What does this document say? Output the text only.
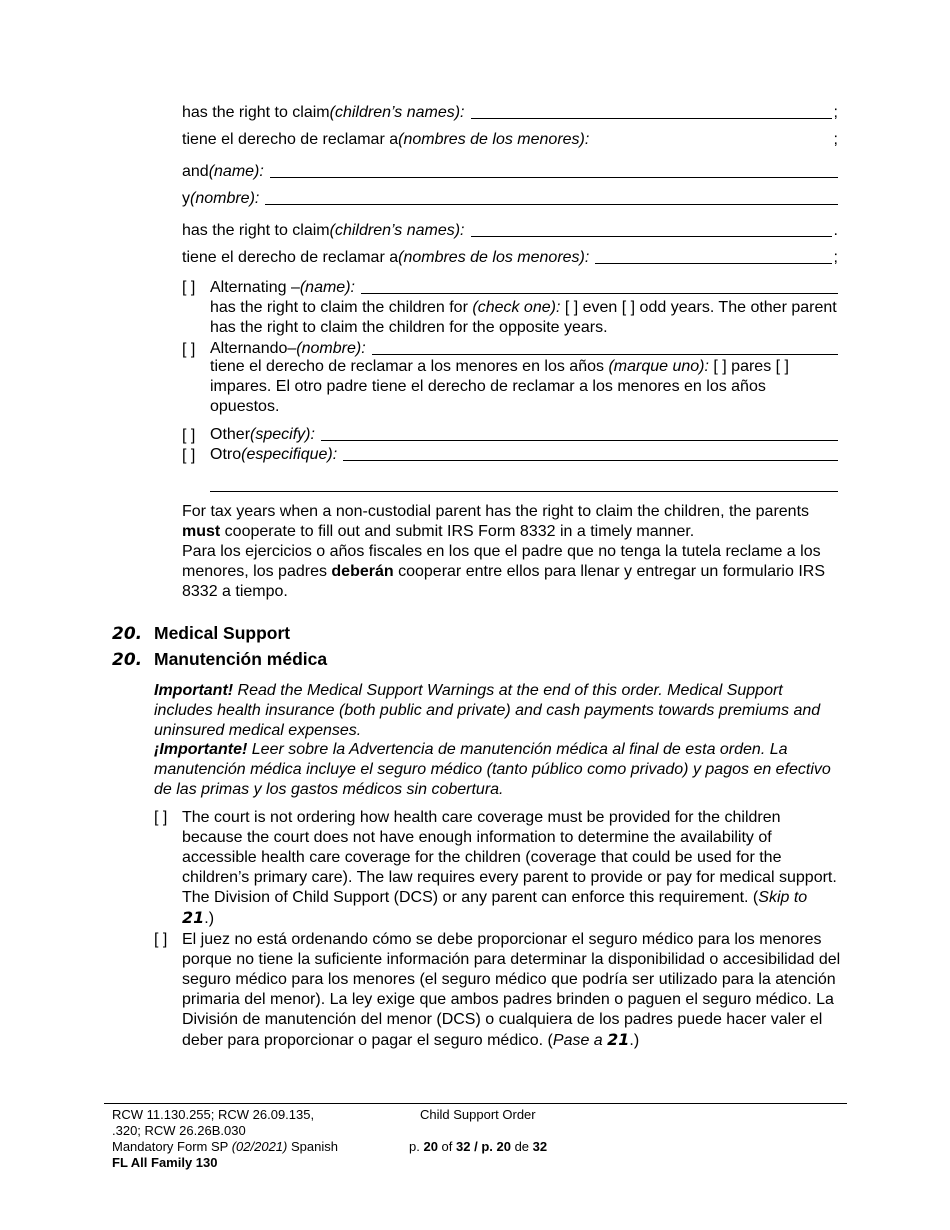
has the right to claim (children’s names):	;
tiene el derecho de reclamar a (nombres de los menores):	;
and (name):
y (nombre):
has the right to claim (children’s names):	.
tiene el derecho de reclamar a (nombres de los menores):	;
[ ] Alternating – (name):
has the right to claim the children for (check one): [ ] even [ ] odd years. The other parent has the right to claim the children for the opposite years.
[ ] Alternando– (nombre):
tiene el derecho de reclamar a los menores en los años (marque uno): [ ] pares [ ] impares. El otro padre tiene el derecho de reclamar a los menores en los años opuestos.
[ ] Other (specify):
[ ] Otro (especifique):
For tax years when a non-custodial parent has the right to claim the children, the parents must cooperate to fill out and submit IRS Form 8332 in a timely manner.
Para los ejercicios o años fiscales en los que el padre que no tenga la tutela reclame a los menores, los padres deberán cooperar entre ellos para llenar y entregar un formulario IRS 8332 a tiempo.
20. Medical Support
20. Manutención médica
Important! Read the Medical Support Warnings at the end of this order. Medical Support includes health insurance (both public and private) and cash payments towards premiums and uninsured medical expenses.
¡Importante! Leer sobre la Advertencia de manutención médica al final de esta orden. La manutención médica incluye el seguro médico (tanto público como privado) y pagos en efectivo de las primas y los gastos médicos sin cobertura.
[ ] The court is not ordering how health care coverage must be provided for the children because the court does not have enough information to determine the availability of accessible health care coverage for the children (coverage that could be used for the children’s primary care). The law requires every parent to provide or pay for medical support. The Division of Child Support (DCS) or any parent can enforce this requirement. (Skip to 21.)
[ ] El juez no está ordenando cómo se debe proporcionar el seguro médico para los menores porque no tiene la suficiente información para determinar la disponibilidad o accesibilidad del seguro médico para los menores (el seguro médico que podría ser utilizado para la atención primaria del menor). La ley exige que ambos padres brinden o paguen el seguro médico. La División de manutención del menor (DCS) o cualquiera de los padres puede hacer valer el deber para proporcionar o pagar el seguro médico. (Pase a 21.)
RCW 11.130.255; RCW 26.09.135,
.320; RCW 26.26B.030
Mandatory Form SP (02/2021) Spanish
FL All Family 130
Child Support Order
p. 20 of 32 / p. 20 de 32
